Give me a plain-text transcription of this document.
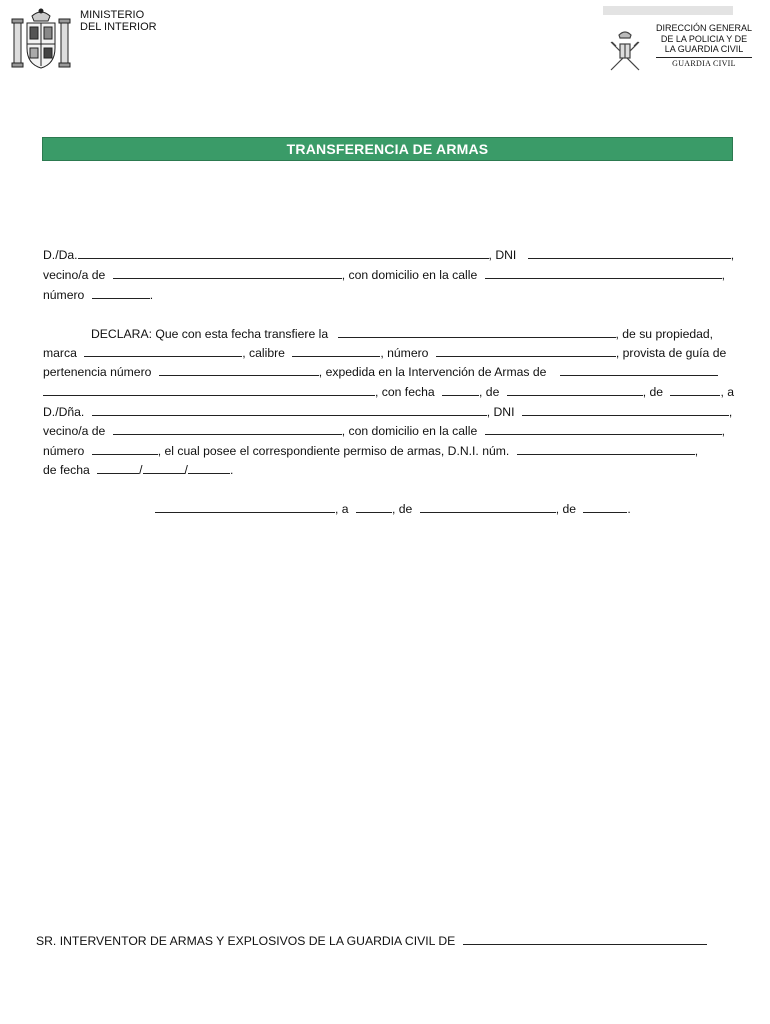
MINISTERIO
DEL INTERIOR	DIRECCIÓN GENERAL
DE LA POLICIA Y DE
LA GUARDIA CIVIL
GUARDIA CIVIL
TRANSFERENCIA DE ARMAS
D./Da.	, DNI	,
vecino/a de	, con domicilio en la calle	,
número	.
DECLARA: Que con esta fecha transfiere la	, de su propiedad,
marca	, calibre	, número	, provista de guía de
pertenencia número	, expedida en la Intervención de Armas de
, con fecha	, de	, de	, a
D./Dña.	, DNI	,
vecino/a de	, con domicilio en la calle	,
número	, el cual posee el correspondiente permiso de armas, D.N.I. núm.	,
de fecha	/	/	.
, a	, de	, de	.
SR. INTERVENTOR DE ARMAS Y EXPLOSIVOS DE LA GUARDIA CIVIL DE
